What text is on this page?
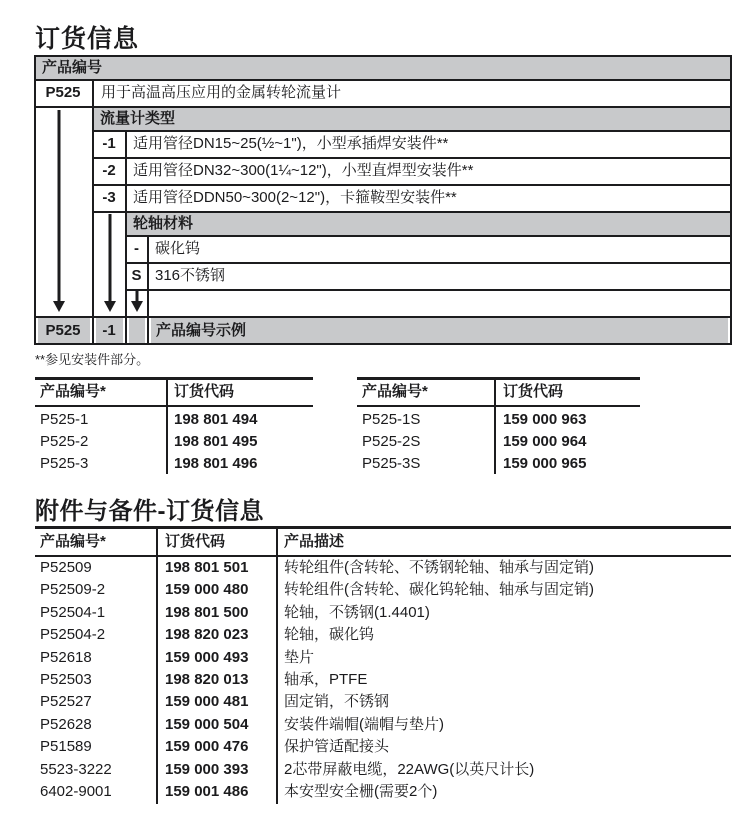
订货信息
产品编号
P525	用于高温高压应用的金属转轮流量计
流量计类型
-1	适用管径DN15~25(½~1")，小型承插焊安装件**
-2	适用管径DN32~300(1¼~12")，小型直焊型安装件**
-3	适用管径DDN50~300(2~12")，卡箍鞍型安装件**
轮轴材料
-	碳化钨
S 316不锈钢
P525	-1	产品编号示例
**参见安装件部分。
产品编号*	订货代码
P525-1	198 801 494
P525-2	198 801 495
P525-3	198 801 496
产品编号*	订货代码
P525-1S	159 000 963
P525-2S	159 000 964
P525-3S	159 000 965
附件与备件-订货信息
产品编号*	订货代码	产品描述
P52509	198 801 501 转轮组件(含转轮、不锈钢轮轴、轴承与固定销)
P52509-2	159 000 480 转轮组件(含转轮、碳化钨轮轴、轴承与固定销)
P52504-1	198 801 500 轮轴，不锈钢(1.4401)
P52504-2	198 820 023 轮轴，碳化钨
P52618	159 000 493 垫片
P52503	198 820 013 轴承，PTFE
P52527	159 000 481 固定销，不锈钢
P52628	159 000 504 安装件端帽(端帽与垫片)
P51589	159 000 476 保护管适配接头
5523-3222	159 000 393 2芯带屏蔽电缆，22AWG(以英尺计长)
6402-9001	159 001 486 本安型安全栅(需要2个)
